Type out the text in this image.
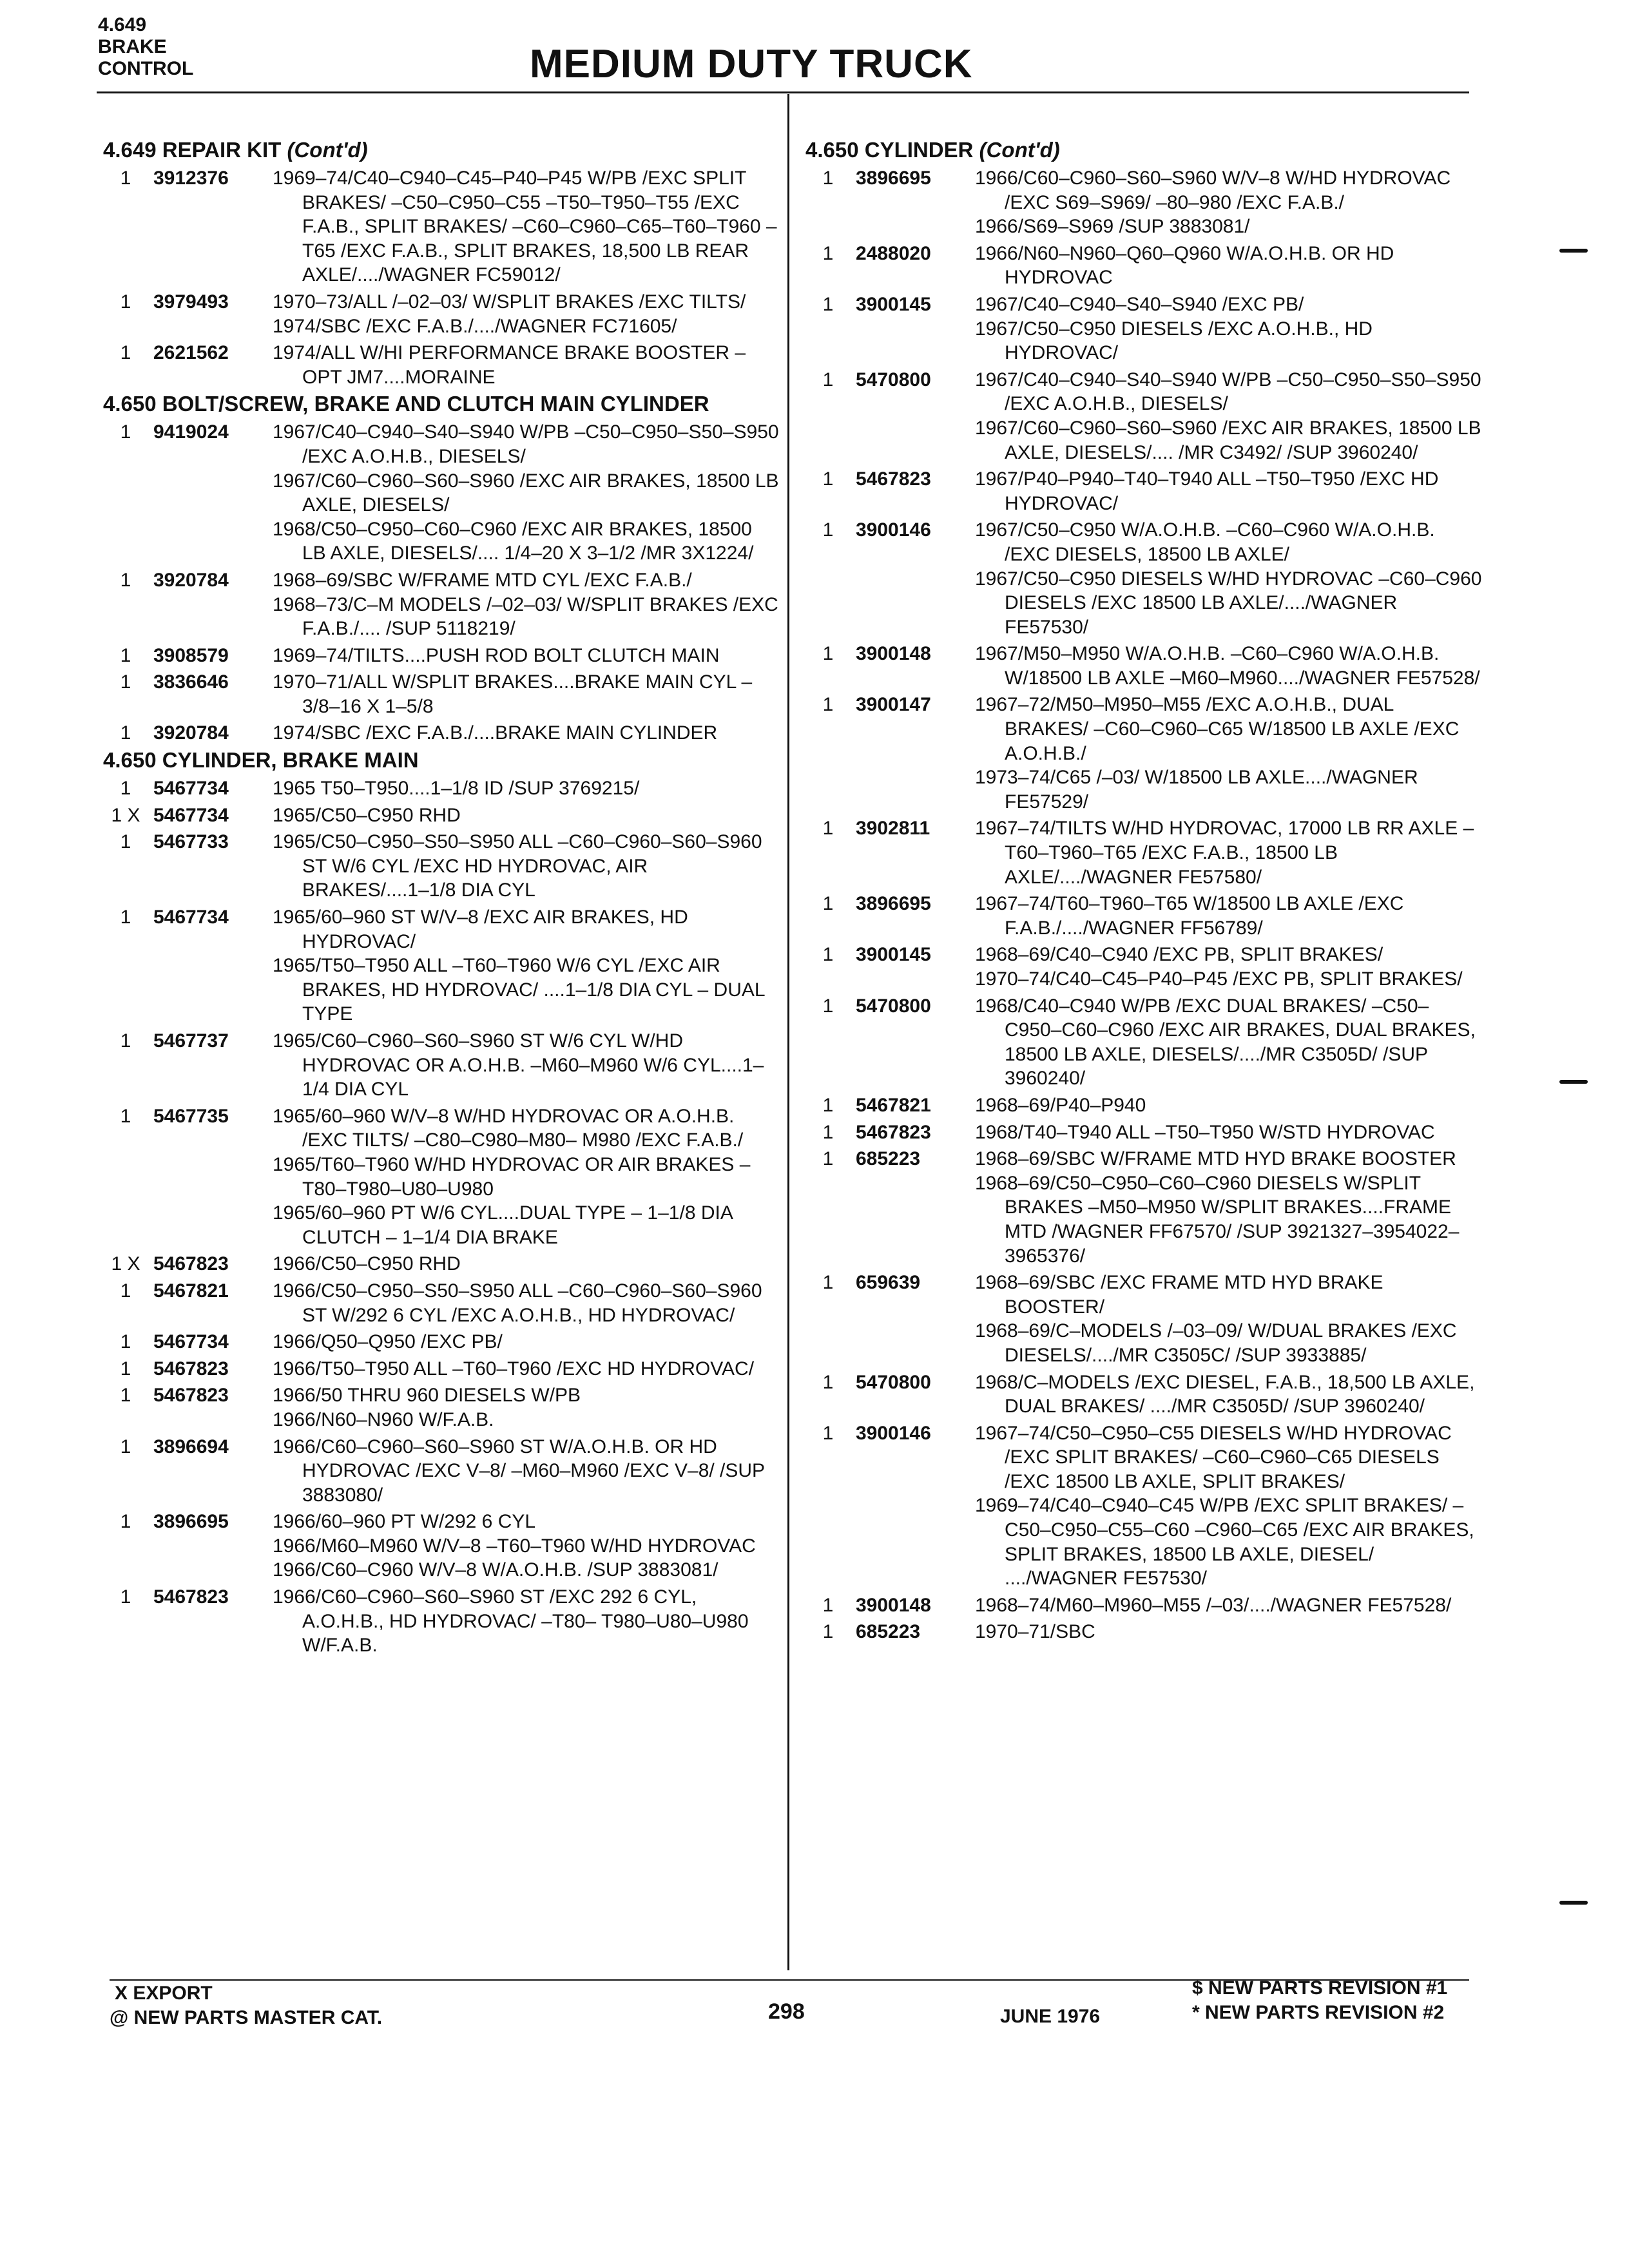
4.649
BRAKE
CONTROL	MEDIUM DUTY TRUCK
4.649 REPAIR KIT (Cont'd)
1	3912376	1969–74/C40–C940–C45–P40–P45 W/PB /EXC SPLIT BRAKES/ –C50–C950–C55 –T50–T950–T55 /EXC F.A.B., SPLIT BRAKES/ –C60–C960–C65–T60–T960 –T65 /EXC F.A.B., SPLIT BRAKES, 18,500 LB REAR AXLE/..../WAGNER FC59012/
1	3979493	1970–73/ALL /–02–03/ W/SPLIT BRAKES /EXC TILTS/
1974/SBC /EXC F.A.B./..../WAGNER FC71605/
1	2621562	1974/ALL W/HI PERFORMANCE BRAKE BOOSTER – OPT JM7....MORAINE
4.650 BOLT/SCREW, BRAKE AND CLUTCH MAIN CYLINDER
1	9419024	1967/C40–C940–S40–S940 W/PB –C50–C950–S50–S950 /EXC A.O.H.B., DIESELS/
1967/C60–C960–S60–S960 /EXC AIR BRAKES, 18500 LB AXLE, DIESELS/
1968/C50–C950–C60–C960 /EXC AIR BRAKES, 18500 LB AXLE, DIESELS/.... 1/4–20 X 3–1/2 /MR 3X1224/
1	3920784	1968–69/SBC W/FRAME MTD CYL /EXC F.A.B./
1968–73/C–M MODELS /–02–03/ W/SPLIT BRAKES /EXC F.A.B./.... /SUP 5118219/
1	3908579	1969–74/TILTS....PUSH ROD BOLT CLUTCH MAIN
1	3836646	1970–71/ALL W/SPLIT BRAKES....BRAKE MAIN CYL – 3/8–16 X 1–5/8
1	3920784	1974/SBC /EXC F.A.B./....BRAKE MAIN CYLINDER
4.650 CYLINDER, BRAKE MAIN
1	5467734	1965 T50–T950....1–1/8 ID /SUP 3769215/
1 X 5467734	1965/C50–C950 RHD
1	5467733	1965/C50–C950–S50–S950 ALL –C60–C960–S60–S960 ST W/6 CYL /EXC HD HYDROVAC, AIR BRAKES/....1–1/8 DIA CYL
1	5467734	1965/60–960 ST W/V–8 /EXC AIR BRAKES, HD HYDROVAC/
1965/T50–T950 ALL –T60–T960 W/6 CYL /EXC AIR BRAKES, HD HYDROVAC/ ....1–1/8 DIA CYL – DUAL TYPE
1	5467737	1965/C60–C960–S60–S960 ST W/6 CYL W/HD HYDROVAC OR A.O.H.B. –M60–M960 W/6 CYL....1–1/4 DIA CYL
1	5467735	1965/60–960 W/V–8 W/HD HYDROVAC OR A.O.H.B. /EXC TILTS/ –C80–C980–M80– M980 /EXC F.A.B./
1965/T60–T960 W/HD HYDROVAC OR AIR BRAKES –T80–T980–U80–U980
1965/60–960 PT W/6 CYL....DUAL TYPE – 1–1/8 DIA CLUTCH – 1–1/4 DIA BRAKE
1 X 5467823	1966/C50–C950 RHD
1	5467821	1966/C50–C950–S50–S950 ALL –C60–C960–S60–S960 ST W/292 6 CYL /EXC A.O.H.B., HD HYDROVAC/
1	5467734	1966/Q50–Q950 /EXC PB/
1	5467823	1966/T50–T950 ALL –T60–T960 /EXC HD HYDROVAC/
1	5467823	1966/50 THRU 960 DIESELS W/PB
1966/N60–N960 W/F.A.B.
1	3896694	1966/C60–C960–S60–S960 ST W/A.O.H.B. OR HD HYDROVAC /EXC V–8/ –M60–M960 /EXC V–8/ /SUP 3883080/
1	3896695	1966/60–960 PT W/292 6 CYL
1966/M60–M960 W/V–8 –T60–T960 W/HD HYDROVAC
1966/C60–C960 W/V–8 W/A.O.H.B. /SUP 3883081/
1	5467823	1966/C60–C960–S60–S960 ST /EXC 292 6 CYL, A.O.H.B., HD HYDROVAC/ –T80– T980–U80–U980 W/F.A.B.
4.650 CYLINDER (Cont'd)
1	3896695	1966/C60–C960–S60–S960 W/V–8 W/HD HYDROVAC /EXC S69–S969/ –80–980 /EXC F.A.B./
1966/S69–S969 /SUP 3883081/
1	2488020	1966/N60–N960–Q60–Q960 W/A.O.H.B. OR HD HYDROVAC
1	3900145	1967/C40–C940–S40–S940 /EXC PB/
1967/C50–C950 DIESELS /EXC A.O.H.B., HD HYDROVAC/
1	5470800	1967/C40–C940–S40–S940 W/PB –C50–C950–S50–S950 /EXC A.O.H.B., DIESELS/
1967/C60–C960–S60–S960 /EXC AIR BRAKES, 18500 LB AXLE, DIESELS/.... /MR C3492/ /SUP 3960240/
1	5467823	1967/P40–P940–T40–T940 ALL –T50–T950 /EXC HD HYDROVAC/
1	3900146	1967/C50–C950 W/A.O.H.B. –C60–C960 W/A.O.H.B. /EXC DIESELS, 18500 LB AXLE/
1967/C50–C950 DIESELS W/HD HYDROVAC –C60–C960 DIESELS /EXC 18500 LB AXLE/..../WAGNER FE57530/
1	3900148	1967/M50–M950 W/A.O.H.B. –C60–C960 W/A.O.H.B. W/18500 LB AXLE –M60–M960..../WAGNER FE57528/
1	3900147	1967–72/M50–M950–M55 /EXC A.O.H.B., DUAL BRAKES/ –C60–C960–C65 W/18500 LB AXLE /EXC A.O.H.B./
1973–74/C65 /–03/ W/18500 LB AXLE..../WAGNER FE57529/
1	3902811	1967–74/TILTS W/HD HYDROVAC, 17000 LB RR AXLE –T60–T960–T65 /EXC F.A.B., 18500 LB AXLE/..../WAGNER FE57580/
1	3896695	1967–74/T60–T960–T65 W/18500 LB AXLE /EXC F.A.B./..../WAGNER FF56789/
1	3900145	1968–69/C40–C940 /EXC PB, SPLIT BRAKES/
1970–74/C40–C45–P40–P45 /EXC PB, SPLIT BRAKES/
1	5470800	1968/C40–C940 W/PB /EXC DUAL BRAKES/ –C50–C950–C60–C960 /EXC AIR BRAKES, DUAL BRAKES, 18500 LB AXLE, DIESELS/..../MR C3505D/ /SUP 3960240/
1	5467821	1968–69/P40–P940
1	5467823	1968/T40–T940 ALL –T50–T950 W/STD HYDROVAC
1	685223	1968–69/SBC W/FRAME MTD HYD BRAKE BOOSTER
1968–69/C50–C950–C60–C960 DIESELS W/SPLIT BRAKES –M50–M950 W/SPLIT BRAKES....FRAME MTD /WAGNER FF67570/ /SUP 3921327–3954022–3965376/
1	659639	1968–69/SBC /EXC FRAME MTD HYD BRAKE BOOSTER/
1968–69/C–MODELS /–03–09/ W/DUAL BRAKES /EXC DIESELS/..../MR C3505C/ /SUP 3933885/
1	5470800	1968/C–MODELS /EXC DIESEL, F.A.B., 18,500 LB AXLE, DUAL BRAKES/ ..../MR C3505D/ /SUP 3960240/
1	3900146	1967–74/C50–C950–C55 DIESELS W/HD HYDROVAC /EXC SPLIT BRAKES/ –C60–C960–C65 DIESELS /EXC 18500 LB AXLE, SPLIT BRAKES/
1969–74/C40–C940–C45 W/PB /EXC SPLIT BRAKES/ –C50–C950–C55–C60 –C960–C65 /EXC AIR BRAKES, SPLIT BRAKES, 18500 LB AXLE, DIESEL/ ..../WAGNER FE57530/
1	3900148	1968–74/M60–M960–M55 /–03/..../WAGNER FE57528/
1	685223	1970–71/SBC
X EXPORT
@ NEW PARTS MASTER CAT.	298	JUNE 1976
$ NEW PARTS REVISION #1
* NEW PARTS REVISION #2
